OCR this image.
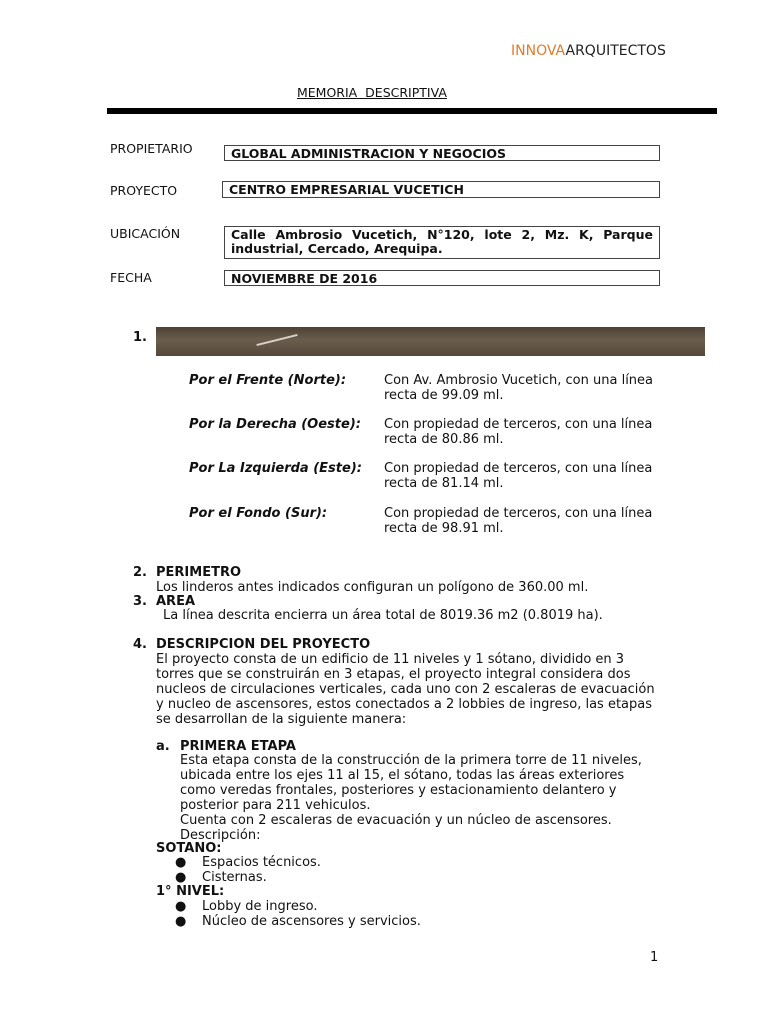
INNOVAARQUITECTOS
MEMORIA  DESCRIPTIVA
PROPIETARIO	GLOBAL ADMINISTRACION Y NEGOCIOS
PROYECTO	CENTRO EMPRESARIAL VUCETICH
UBICACIÓN	Calle Ambrosio Vucetich, N°120, lote 2, Mz. K, Parque industrial, Cercado, Arequipa.
FECHA	NOVIEMBRE DE 2016
1.
Por el Frente (Norte):	Con Av. Ambrosio Vucetich, con una línea recta de 99.09 ml.
Por la Derecha (Oeste): Con propiedad de terceros, con una línea recta de 80.86 ml.
Por La Izquierda (Este): Con propiedad de terceros, con una línea recta de 81.14 ml.
Por el Fondo (Sur):	Con propiedad de terceros, con una línea recta de 98.91 ml.
2. PERIMETRO
Los linderos antes indicados configuran un polígono de 360.00 ml.
3. AREA
La línea descrita encierra un área total de 8019.36 m2 (0.8019 ha).
4. DESCRIPCION DEL PROYECTO
El proyecto consta de un edificio de 11 niveles y 1 sótano, dividido en 3
torres que se construirán en 3 etapas, el proyecto integral considera dos
nucleos de circulaciones verticales, cada uno con 2 escaleras de evacuación
y nucleo de ascensores, estos conectados a 2 lobbies de ingreso, las etapas
se desarrollan de la siguiente manera:
a. PRIMERA ETAPA
Esta etapa consta de la construcción de la primera torre de 11 niveles,
ubicada entre los ejes 11 al 15, el sótano, todas las áreas exteriores
como veredas frontales, posteriores y estacionamiento delantero y
posterior para 211 vehiculos.
Cuenta con 2 escaleras de evacuación y un núcleo de ascensores.
Descripción:
SOTANO:
● Espacios técnicos.
● Cisternas.
1° NIVEL:
● Lobby de ingreso.
● Núcleo de ascensores y servicios.
1
